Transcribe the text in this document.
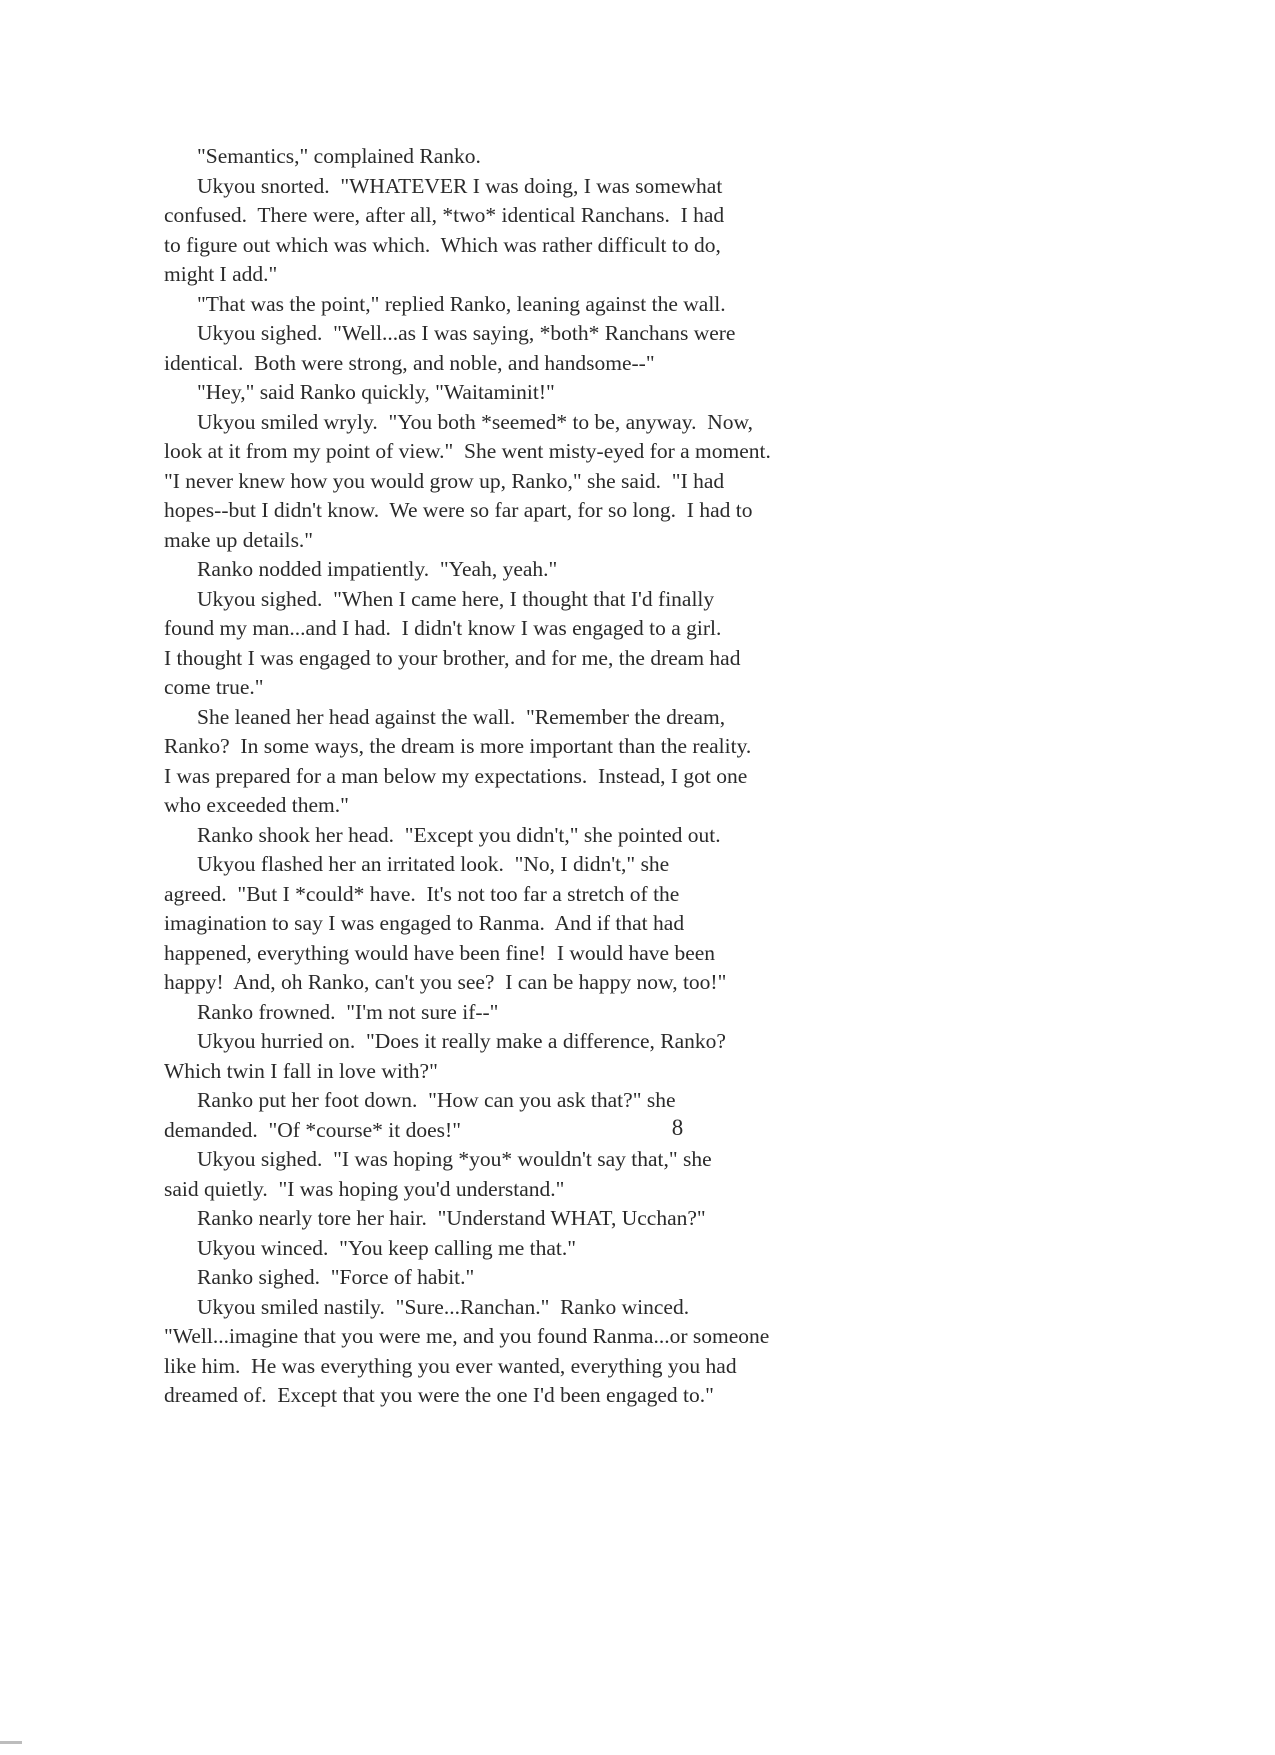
"Semantics," complained Ranko.
Ukyou snorted.  "WHATEVER I was doing, I was somewhat
confused.  There were, after all, *two* identical Ranchans.  I had
to figure out which was which.  Which was rather difficult to do,
might I add."
"That was the point," replied Ranko, leaning against the wall.
Ukyou sighed.  "Well...as I was saying, *both* Ranchans were
identical.  Both were strong, and noble, and handsome--"
"Hey," said Ranko quickly, "Waitaminit!"
Ukyou smiled wryly.  "You both *seemed* to be, anyway.  Now,
look at it from my point of view."  She went misty-eyed for a moment.
"I never knew how you would grow up, Ranko," she said.  "I had
hopes--but I didn't know.  We were so far apart, for so long.  I had to
make up details."
Ranko nodded impatiently.  "Yeah, yeah."
Ukyou sighed.  "When I came here, I thought that I'd finally
found my man...and I had.  I didn't know I was engaged to a girl.
I thought I was engaged to your brother, and for me, the dream had
come true."
She leaned her head against the wall.  "Remember the dream,
Ranko?  In some ways, the dream is more important than the reality.
I was prepared for a man below my expectations.  Instead, I got one
who exceeded them."
Ranko shook her head.  "Except you didn't," she pointed out.
Ukyou flashed her an irritated look.  "No, I didn't," she
agreed.  "But I *could* have.  It's not too far a stretch of the
imagination to say I was engaged to Ranma.  And if that had
happened, everything would have been fine!  I would have been
happy!  And, oh Ranko, can't you see?  I can be happy now, too!"
Ranko frowned.  "I'm not sure if--"
Ukyou hurried on.  "Does it really make a difference, Ranko?
Which twin I fall in love with?"
Ranko put her foot down.  "How can you ask that?" she
demanded.  "Of *course* it does!"
Ukyou sighed.  "I was hoping *you* wouldn't say that," she
said quietly.  "I was hoping you'd understand."
Ranko nearly tore her hair.  "Understand WHAT, Ucchan?"
Ukyou winced.  "You keep calling me that."
Ranko sighed.  "Force of habit."
Ukyou smiled nastily.  "Sure...Ranchan."  Ranko winced.
"Well...imagine that you were me, and you found Ranma...or someone
like him.  He was everything you ever wanted, everything you had
dreamed of.  Except that you were the one I'd been engaged to."
8
